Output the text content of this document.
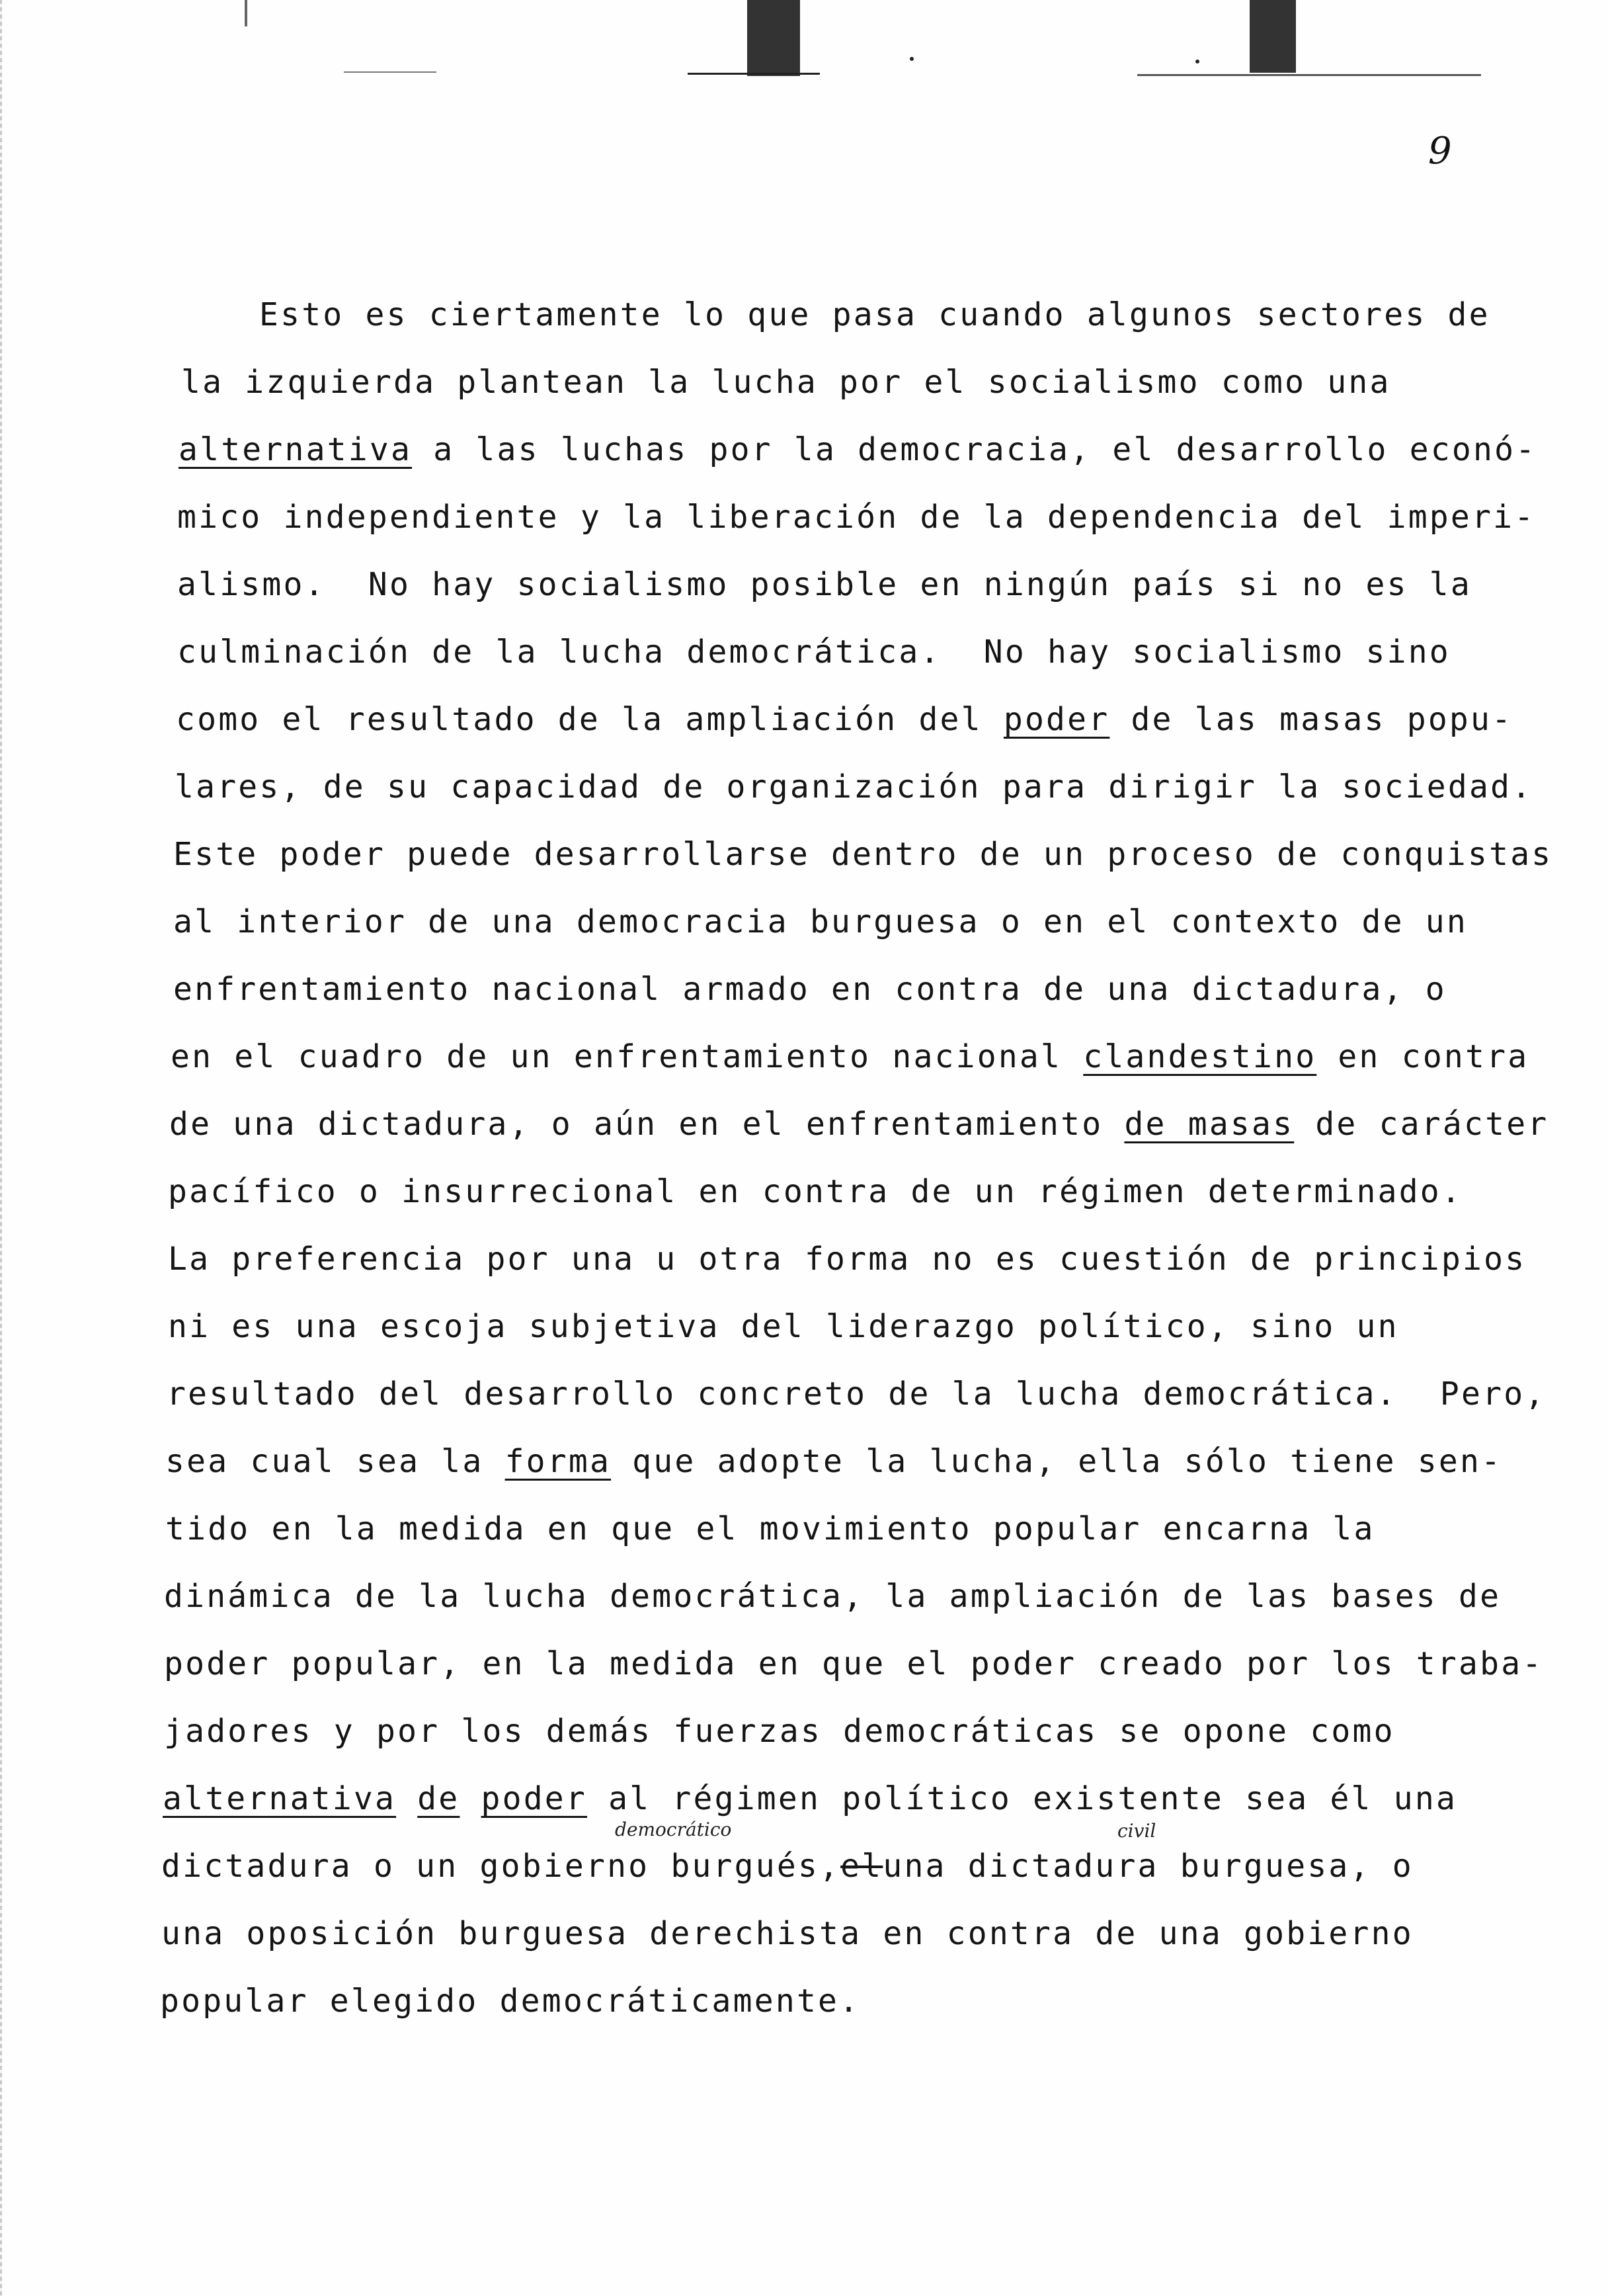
9
Esto es ciertamente lo que pasa cuando algunos sectores de
la izquierda plantean la lucha por el socialismo como una
alternativa a las luchas por la democracia, el desarrollo econó-
mico independiente y la liberación de la dependencia del imperi-
alismo.  No hay socialismo posible en ningún país si no es la
culminación de la lucha democrática.  No hay socialismo sino
como el resultado de la ampliación del poder de las masas popu-
lares, de su capacidad de organización para dirigir la sociedad.
Este poder puede desarrollarse dentro de un proceso de conquistas
al interior de una democracia burguesa o en el contexto de un
enfrentamiento nacional armado en contra de una dictadura, o
en el cuadro de un enfrentamiento nacional clandestino en contra
de una dictadura, o aún en el enfrentamiento de masas de carácter
pacífico o insurrecional en contra de un régimen determinado.
La preferencia por una u otra forma no es cuestión de principios
ni es una escoja subjetiva del liderazgo político, sino un
resultado del desarrollo concreto de la lucha democrática.  Pero,
sea cual sea la forma que adopte la lucha, ella sólo tiene sen-
tido en la medida en que el movimiento popular encarna la
dinámica de la lucha democrática, la ampliación de las bases de
poder popular, en la medida en que el poder creado por los traba-
jadores y por los demás fuerzas democráticas se opone como
alternativa de poder al régimen político existente sea él una
dictadura o un gobierno burgués,eluna dictadura burguesa, o
una oposición burguesa derechista en contra de una gobierno
popular elegido democráticamente.
democrático	civil
